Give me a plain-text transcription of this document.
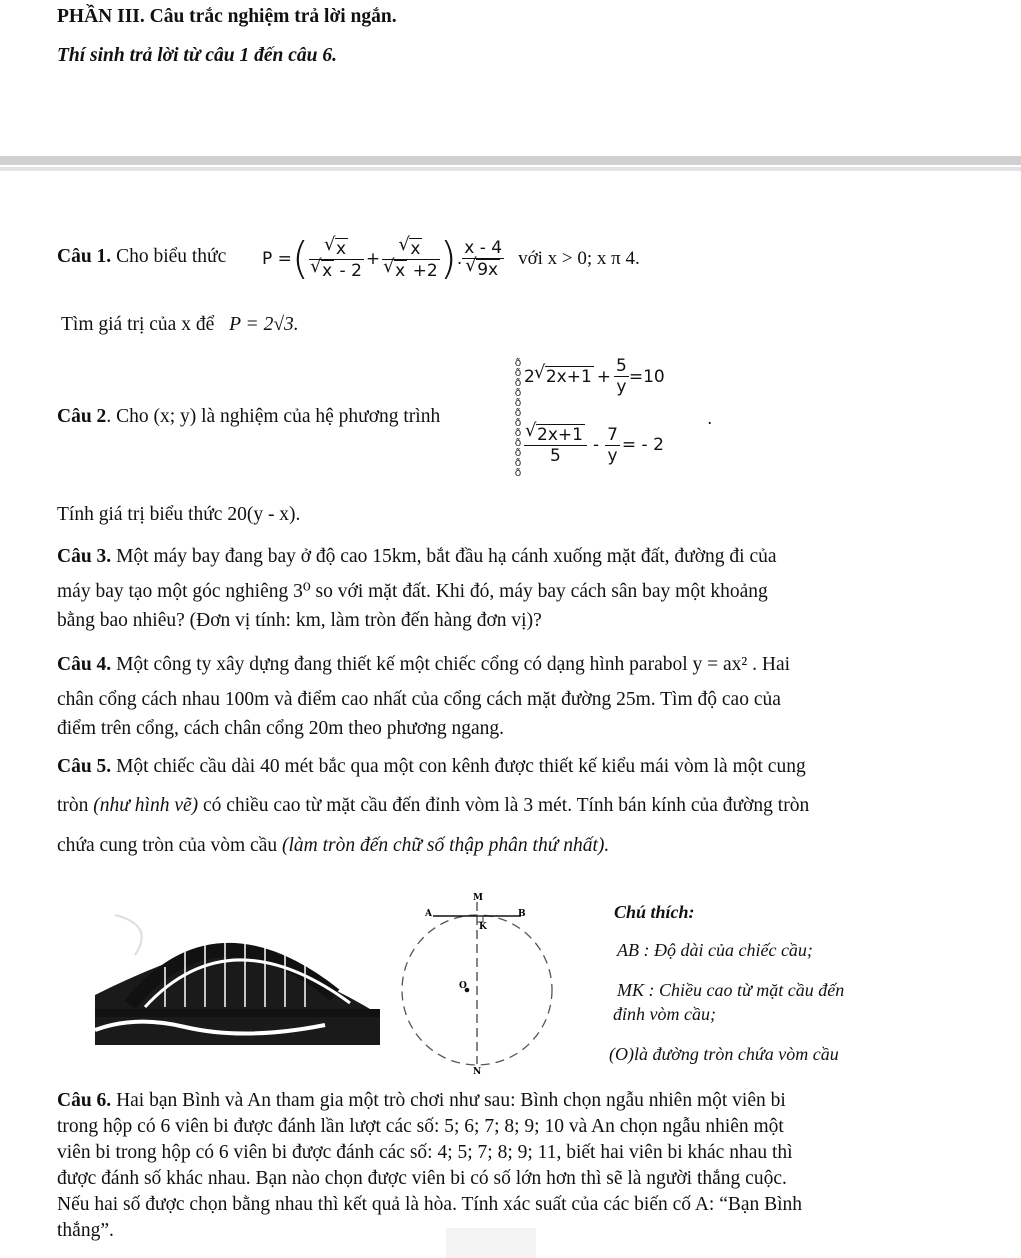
PHẦN III. Câu trắc nghiệm trả lời ngắn.
Thí sinh trả lời từ câu 1 đến câu 6.
Câu 1. Cho biểu thức P = ( √ x
√ x - 2 + √ x
√ x +2 ) . x - 4
√ 9x với x > 0; x π 4.
Tìm giá trị của x để P = 2√3.
Câu 2. Cho (x; y) là nghiệm của hệ phương trình
ð
ð
ð
ð
ð
ð
ð
ð
ð
ð
ð
ð
2 √ $2x+1 + \frac{5}{y} =10$
√ $\frac{2x+1}{5} - \frac{7}{y}$ = - 2
.
Tính giá trị biểu thức 20(y - x).
Câu 3. Một máy bay đang bay ở độ cao 15km, bắt đầu hạ cánh xuống mặt đất, đường đi của
máy bay tạo một góc nghiêng 3⁰ so với mặt đất. Khi đó, máy bay cách sân bay một khoảng
bằng bao nhiêu? (Đơn vị tính: km, làm tròn đến hàng đơn vị)?
Câu 4. Một công ty xây dựng đang thiết kế một chiếc cổng có dạng hình parabol y = ax² . Hai
chân cổng cách nhau 100m và điểm cao nhất của cổng cách mặt đường 25m. Tìm độ cao của
điểm trên cổng, cách chân cổng 20m theo phương ngang.
Câu 5. Một chiếc cầu dài 40 mét bắc qua một con kênh được thiết kế kiểu mái vòm là một cung
tròn (như hình vẽ) có chiều cao từ mặt cầu đến đỉnh vòm là 3 mét. Tính bán kính của đường tròn
chứa cung tròn của vòm cầu (làm tròn đến chữ số thập phân thứ nhất).
M
A	B
K
O
N
Chú thích:
AB : Độ dài của chiếc cầu;
MK : Chiều cao từ mặt cầu đến
đỉnh vòm cầu;
(O)là đường tròn chứa vòm cầu
Câu 6. Hai bạn Bình và An tham gia một trò chơi như sau: Bình chọn ngẫu nhiên một viên bi
trong hộp có 6 viên bi được đánh lần lượt các số: 5; 6; 7; 8; 9; 10 và An chọn ngẫu nhiên một
viên bi trong hộp có 6 viên bi được đánh các số: 4; 5; 7; 8; 9; 11, biết hai viên bi khác nhau thì
được đánh số khác nhau. Bạn nào chọn được viên bi có số lớn hơn thì sẽ là người thắng cuộc.
Nếu hai số được chọn bằng nhau thì kết quả là hòa. Tính xác suất của các biến cố A: “Bạn Bình
thắng”.
